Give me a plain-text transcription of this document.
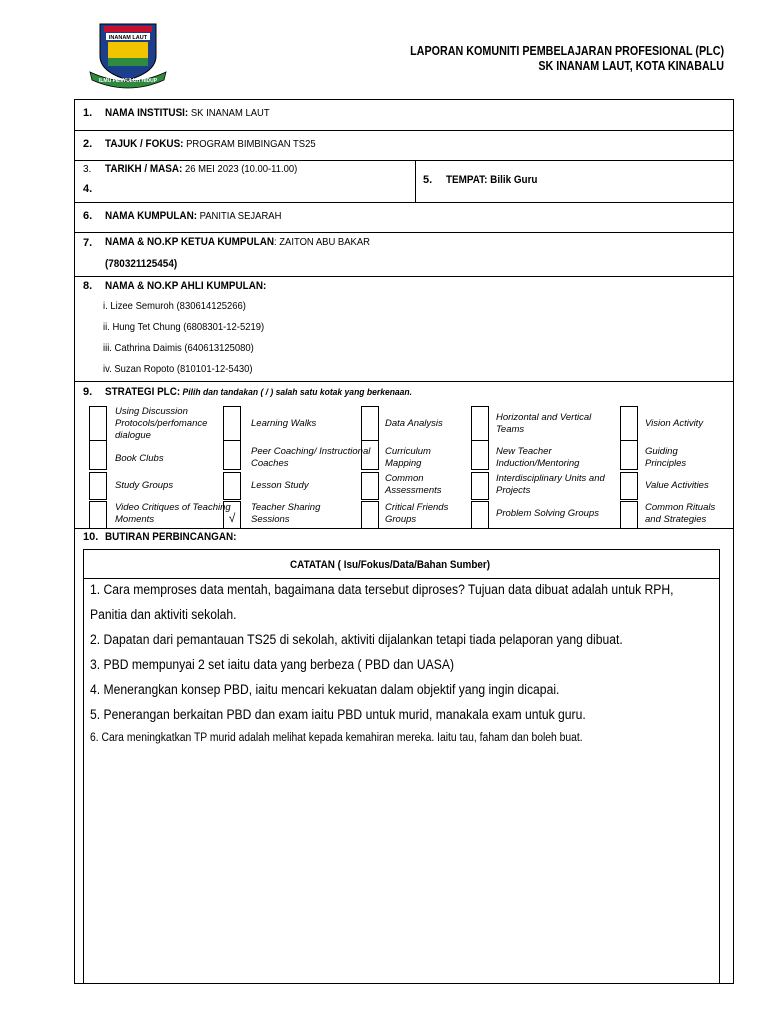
INANAM LAUT
ILMU PENYULUH HIDUP
LAPORAN KOMUNITI PEMBELAJARAN PROFESIONAL (PLC)
SK INANAM LAUT, KOTA KINABALU
1. NAMA INSTITUSI: SK INANAM LAUT
2. TAJUK / FOKUS: PROGRAM BIMBINGAN TS25
3. TARIKH / MASA: 26 MEI 2023 (10.00-11.00)
4.
5. TEMPAT: Bilik Guru
6. NAMA KUMPULAN: PANITIA SEJARAH
7. NAMA & NO.KP KETUA KUMPULAN: ZAITON ABU BAKAR
(780321125454)
8. NAMA & NO.KP AHLI KUMPULAN:
i. Lizee Semuroh (830614125266)
ii. Hung Tet Chung (6808301-12-5219)
iii. Cathrina Daimis (640613125080)
iv. Suzan Ropoto (810101-12-5430)
9. STRATEGI PLC: Pilih dan tandakan ( / ) salah satu kotak yang berkenaan.
Using Discussion Protocols/perfomance dialogue
Book Clubs
Study Groups
Video Critiques of Teaching Moments
Learning Walks
Peer Coaching/ Instructional Coaches
Lesson Study
√
Teacher Sharing Sessions
Data Analysis
Curriculum Mapping
Common Assessments
Critical Friends Groups
Horizontal and Vertical Teams
New Teacher Induction/Mentoring
Interdisciplinary Units and Projects
Problem Solving Groups
Vision Activity
Guiding Principles
Value Activities
Common Rituals and Strategies
10. BUTIRAN PERBINCANGAN:
CATATAN ( Isu/Fokus/Data/Bahan Sumber)
1. Cara memproses data mentah, bagaimana data tersebut diproses? Tujuan data dibuat adalah untuk RPH,
Panitia dan aktiviti sekolah.
2. Dapatan dari pemantauan TS25 di sekolah, aktiviti dijalankan tetapi tiada pelaporan yang dibuat.
3. PBD mempunyai 2 set iaitu data yang berbeza ( PBD dan UASA)
4. Menerangkan konsep PBD, iaitu mencari kekuatan dalam objektif yang ingin dicapai.
5. Penerangan berkaitan PBD dan exam iaitu PBD untuk murid, manakala exam untuk guru.
6. Cara meningkatkan TP murid adalah melihat kepada kemahiran mereka. Iaitu tau, faham dan boleh buat.
